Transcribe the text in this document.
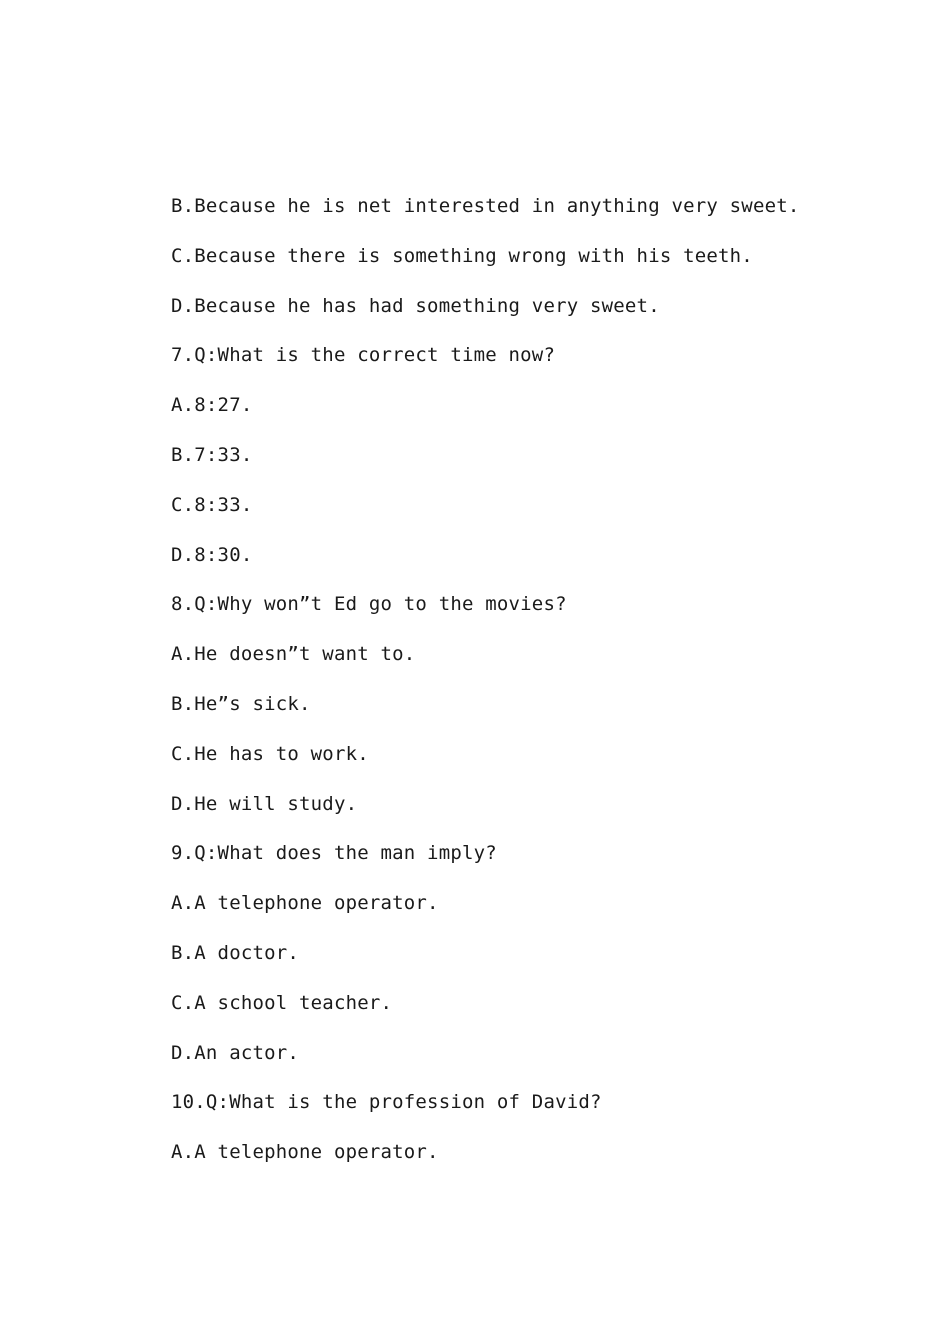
B.Because he is net interested in anything very sweet.
C.Because there is something wrong with his teeth.
D.Because he has had something very sweet.
7.Q:What is the correct time now?
A.8:27.
B.7:33.
C.8:33.
D.8:30.
8.Q:Why won”t Ed go to the movies?
A.He doesn”t want to.
B.He”s sick.
C.He has to work.
D.He will study.
9.Q:What does the man imply?
A.A telephone operator.
B.A doctor.
C.A school teacher.
D.An actor.
10.Q:What is the profession of David?
A.A telephone operator.
